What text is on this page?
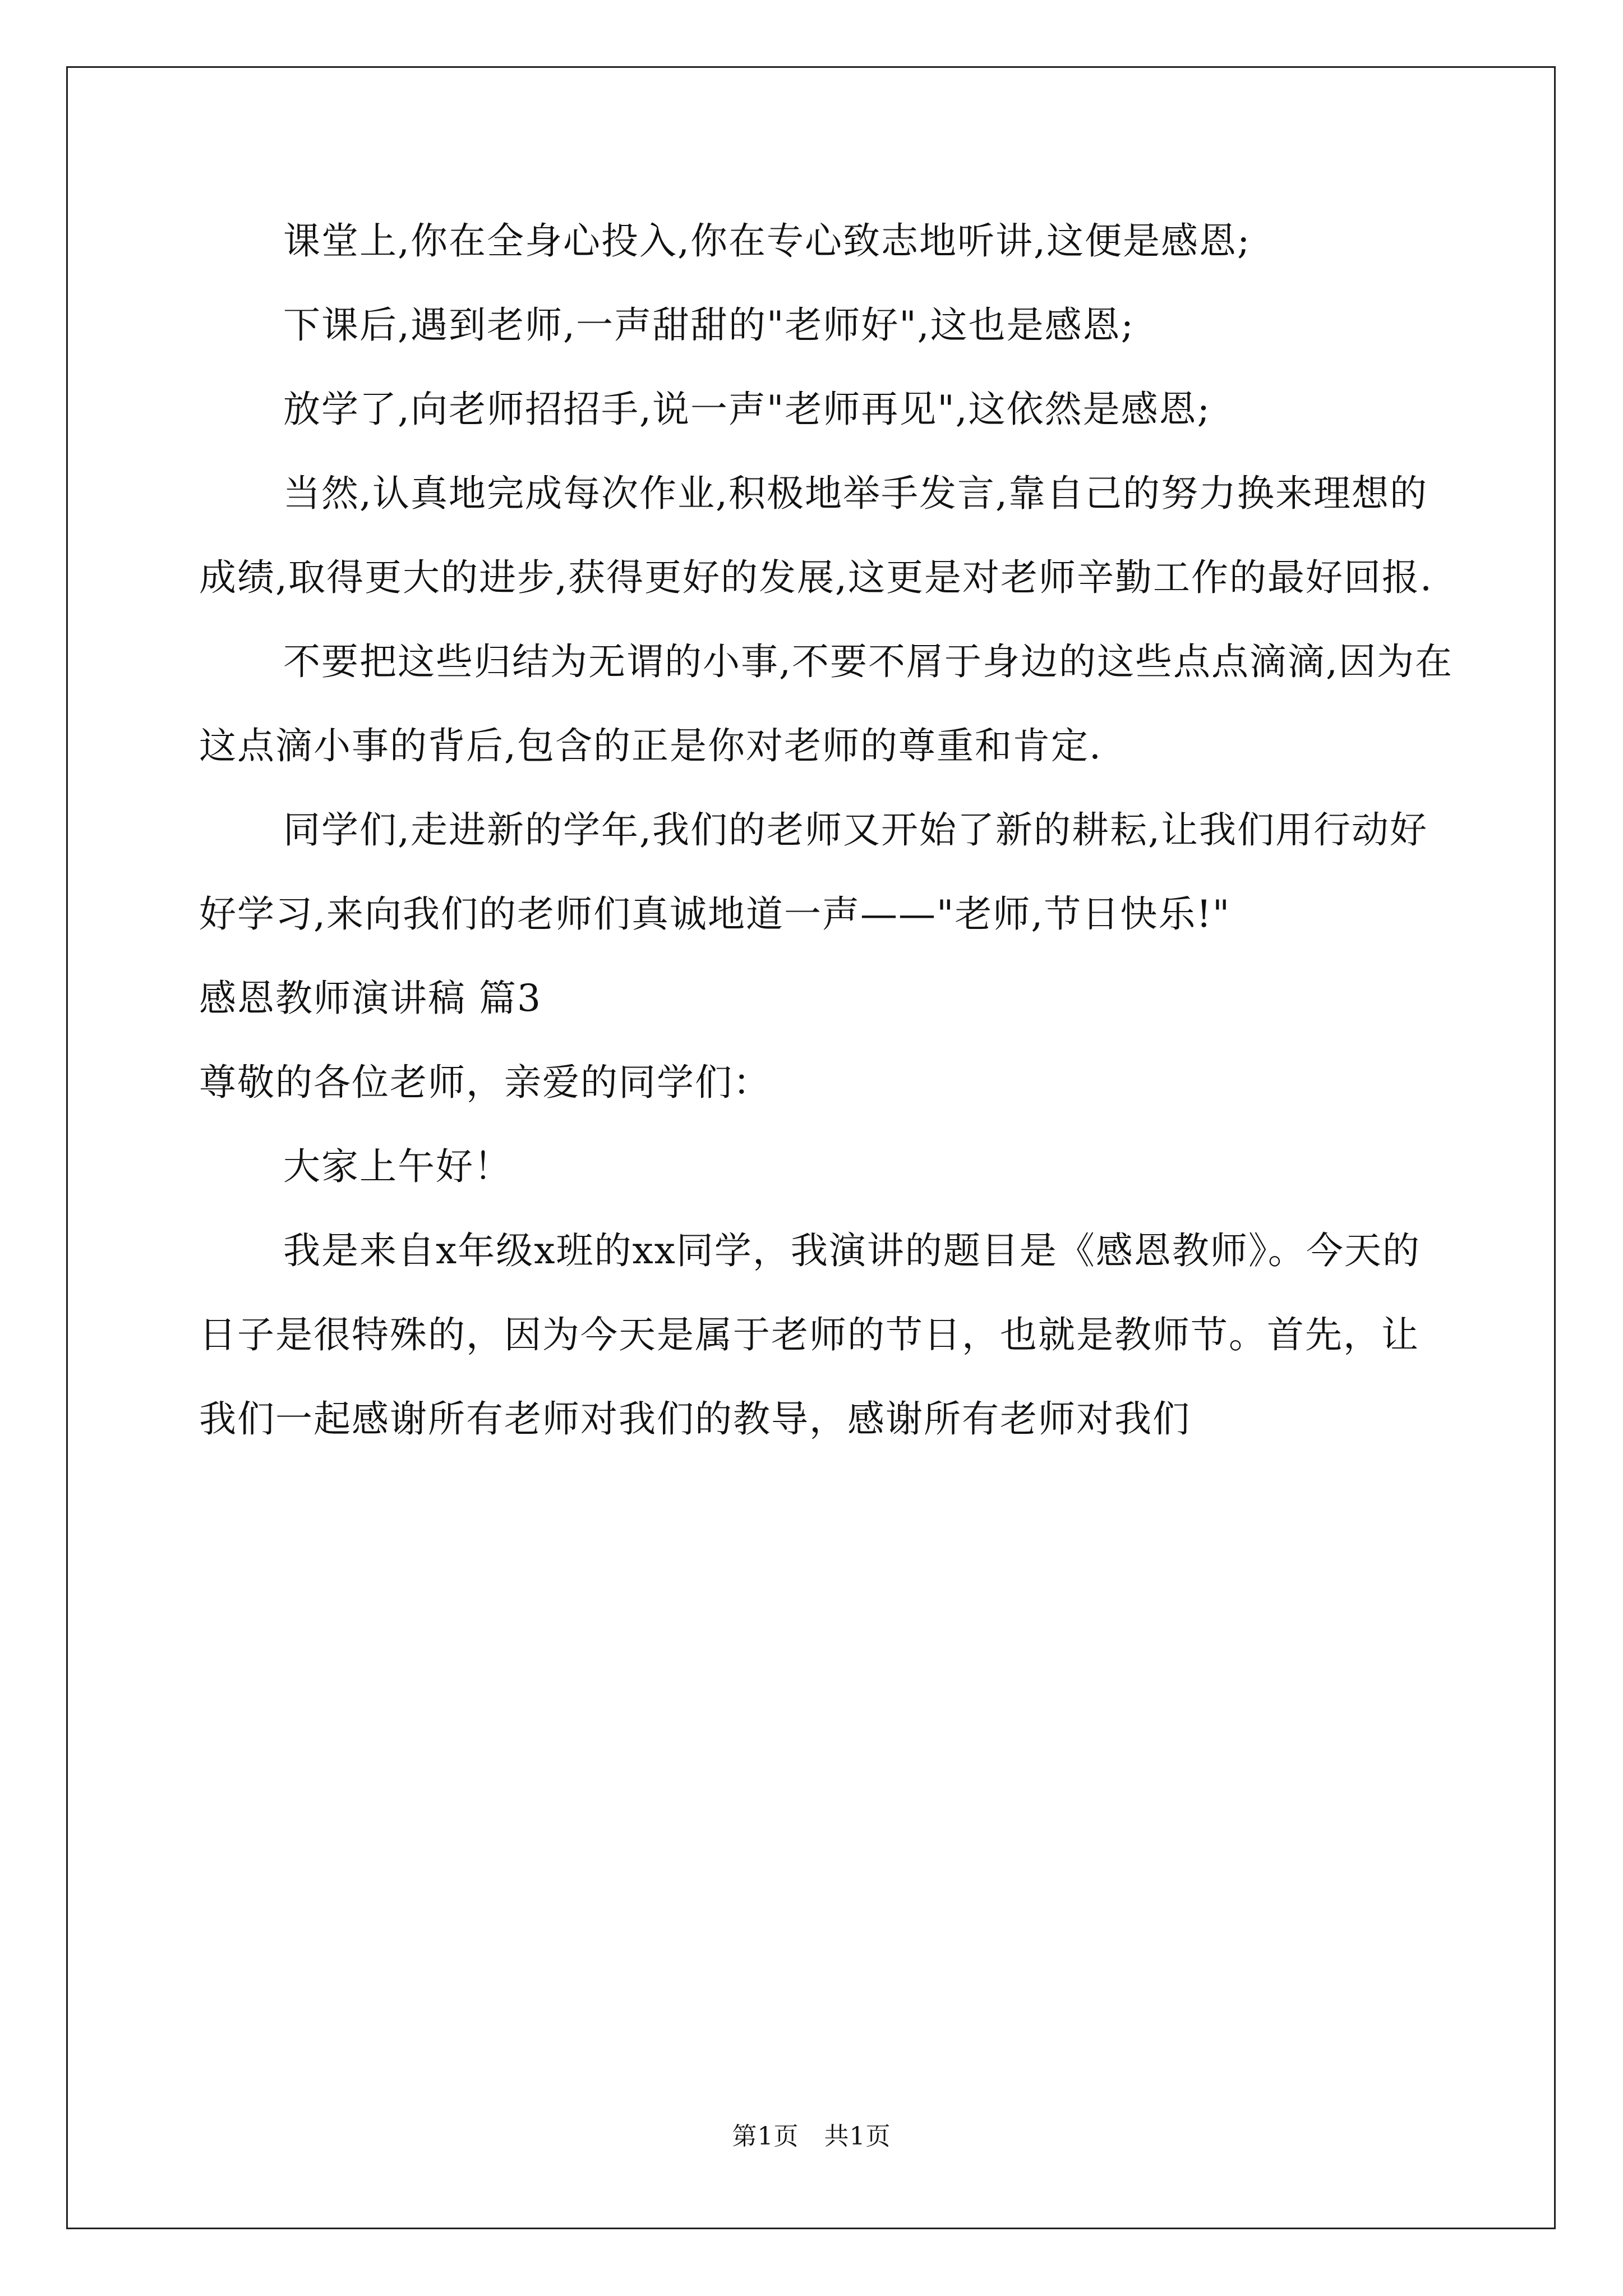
课堂上,你在全身心投入,你在专心致志地听讲,这便是感恩;

下课后,遇到老师,一声甜甜的"老师好",这也是感恩;

放学了,向老师招招手,说一声"老师再见",这依然是感恩;

当然,认真地完成每次作业,积极地举手发言,靠自己的努力换来理想的成绩,取得更大的进步,获得更好的发展,这更是对老师辛勤工作的最好回报.

不要把这些归结为无谓的小事,不要不屑于身边的这些点点滴滴,因为在这点滴小事的背后,包含的正是你对老师的尊重和肯定.

同学们,走进新的学年,我们的老师又开始了新的耕耘,让我们用行动好好学习,来向我们的老师们真诚地道一声——"老师,节日快乐!"

感恩教师演讲稿 篇3

尊敬的各位老师，亲爱的同学们：

大家上午好！

我是来自x年级x班的xx同学，我演讲的题目是《感恩教师》。今天的日子是很特殊的，因为今天是属于老师的节日，也就是教师节。首先，让我们一起感谢所有老师对我们的教导，感谢所有老师对我们

第1页　共1页
